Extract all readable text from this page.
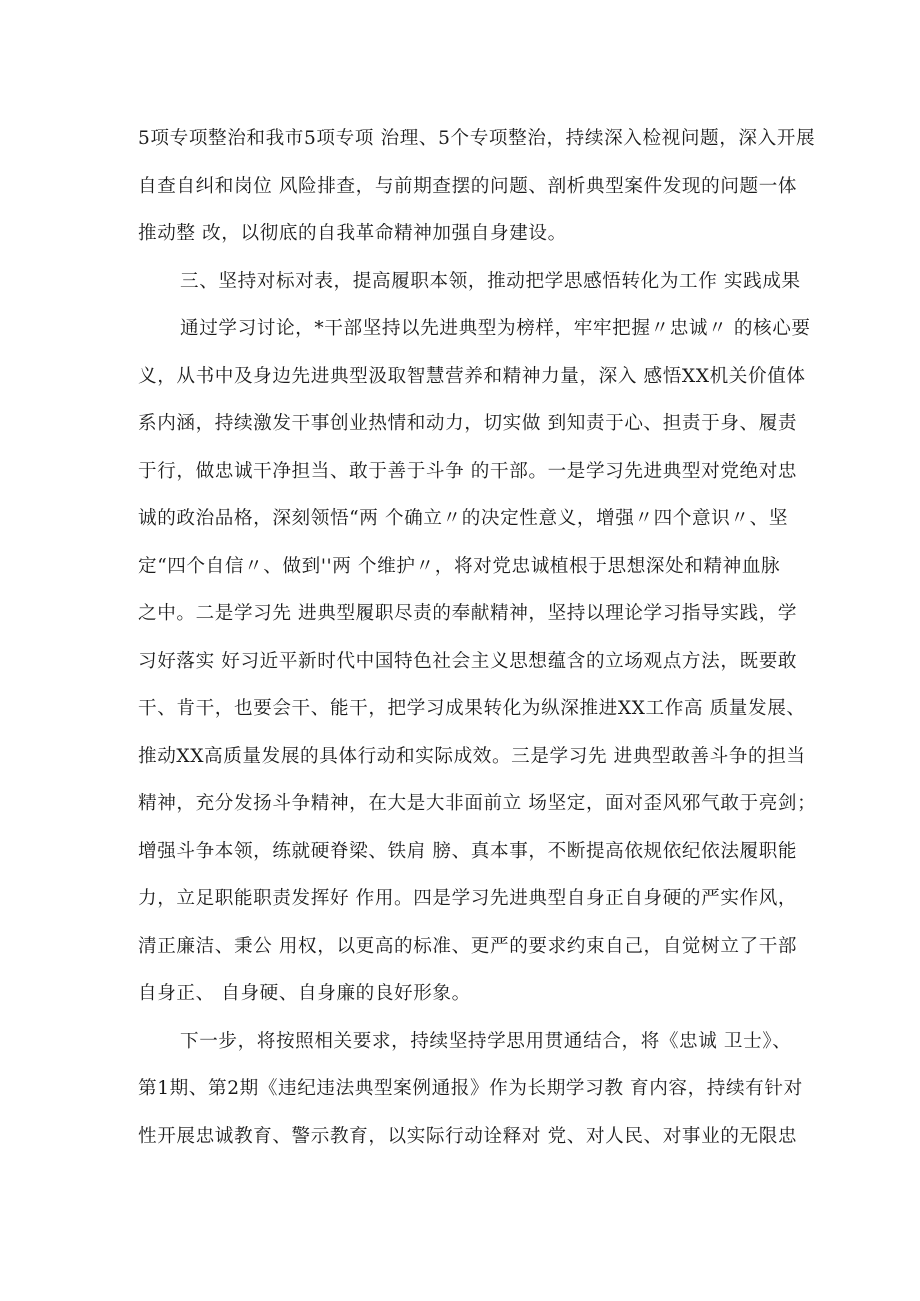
5项专项整治和我市5项专项 治理、5个专项整治，持续深入检视问题，深入开展
自查自纠和岗位 风险排查，与前期查摆的问题、剖析典型案件发现的问题一体
推动整 改，以彻底的自我革命精神加强自身建设。
三、坚持对标对表，提高履职本领，推动把学思感悟转化为工作 实践成果
通过学习讨论，*干部坚持以先进典型为榜样，牢牢把握〃忠诚〃 的核心要
义，从书中及身边先进典型汲取智慧营养和精神力量，深入 感悟XX机关价值体
系内涵，持续激发干事创业热情和动力，切实做 到知责于心、担责于身、履责
于行，做忠诚干净担当、敢于善于斗争 的干部。一是学习先进典型对党绝对忠
诚的政治品格，深刻领悟“两 个确立〃的决定性意义，增强〃四个意识〃、坚
定“四个自信〃、做到''两 个维护〃，将对党忠诚植根于思想深处和精神血脉
之中。二是学习先 进典型履职尽责的奉献精神，坚持以理论学习指导实践，学
习好落实 好习近平新时代中国特色社会主义思想蕴含的立场观点方法，既要敢
干、肯干，也要会干、能干，把学习成果转化为纵深推进XX工作高 质量发展、
推动XX高质量发展的具体行动和实际成效。三是学习先 进典型敢善斗争的担当
精神，充分发扬斗争精神，在大是大非面前立 场坚定，面对歪风邪气敢于亮剑；
增强斗争本领，练就硬脊梁、铁肩 膀、真本事，不断提高依规依纪依法履职能
力，立足职能职责发挥好 作用。四是学习先进典型自身正自身硬的严实作风，
清正廉洁、秉公 用权，以更高的标准、更严的要求约束自己，自觉树立了干部
自身正、 自身硬、自身廉的良好形象。
下一步，将按照相关要求，持续坚持学思用贯通结合，将《忠诚 卫士》、
第1期、第2期《违纪违法典型案例通报》作为长期学习教 育内容，持续有针对
性开展忠诚教育、警示教育，以实际行动诠释对 党、对人民、对事业的无限忠
